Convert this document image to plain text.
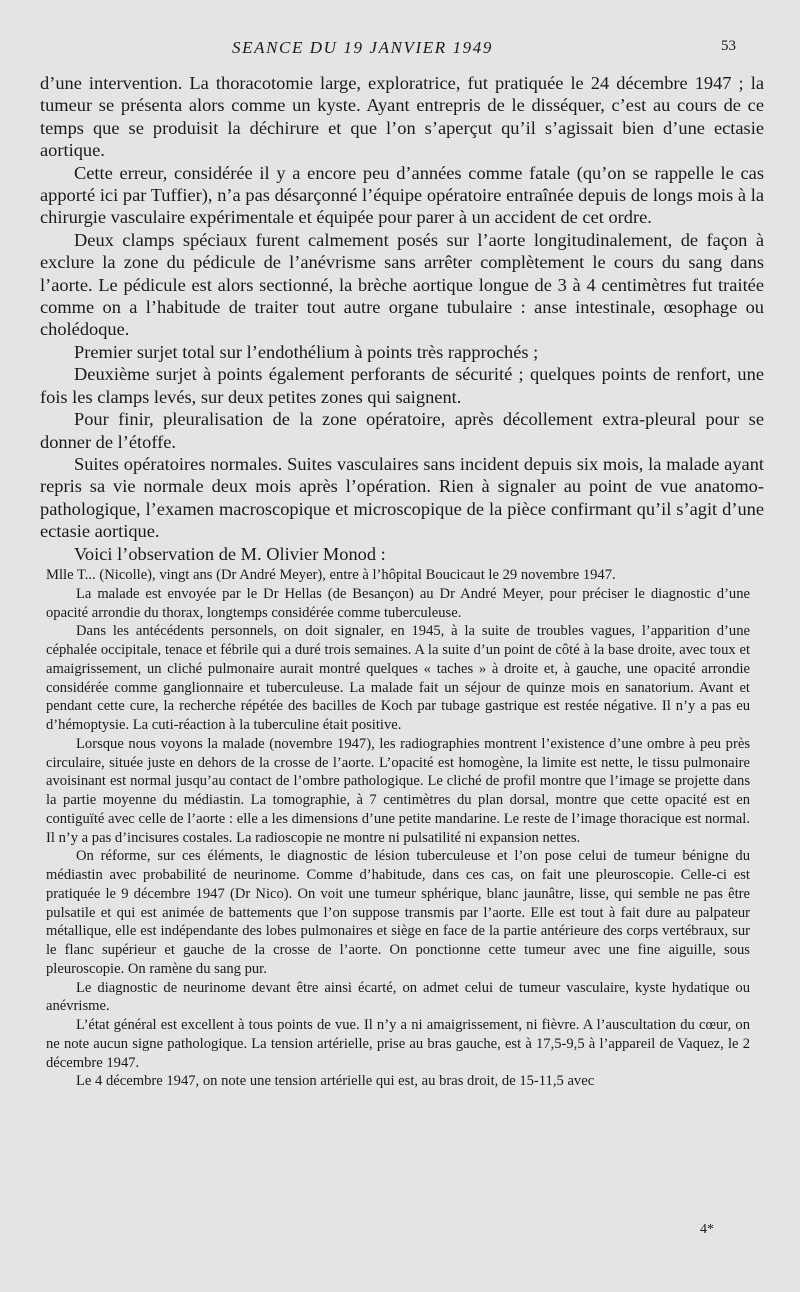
SEANCE DU 19 JANVIER 1949	53

d’une intervention. La thoracotomie large, exploratrice, fut pratiquée le 24 décembre 1947 ; la tumeur se présenta alors comme un kyste. Ayant entrepris de le disséquer, c’est au cours de ce temps que se produisit la déchirure et que l’on s’aperçut qu’il s’agissait bien d’une ectasie aortique.

Cette erreur, considérée il y a encore peu d’années comme fatale (qu’on se rappelle le cas apporté ici par Tuffier), n’a pas désarçonné l’équipe opératoire entraînée depuis de longs mois à la chirurgie vasculaire expérimentale et équipée pour parer à un accident de cet ordre.

Deux clamps spéciaux furent calmement posés sur l’aorte longitudinalement, de façon à exclure la zone du pédicule de l’anévrisme sans arrêter complètement le cours du sang dans l’aorte. Le pédicule est alors sectionné, la brèche aortique longue de 3 à 4 centimètres fut traitée comme on a l’habitude de traiter tout autre organe tubulaire : anse intestinale, œsophage ou cholédoque.

Premier surjet total sur l’endothélium à points très rapprochés ;

Deuxième surjet à points également perforants de sécurité ; quelques points de renfort, une fois les clamps levés, sur deux petites zones qui saignent.

Pour finir, pleuralisation de la zone opératoire, après décollement extra-pleural pour se donner de l’étoffe.

Suites opératoires normales. Suites vasculaires sans incident depuis six mois, la malade ayant repris sa vie normale deux mois après l’opération. Rien à signaler au point de vue anatomo-pathologique, l’examen macroscopique et microscopique de la pièce confirmant qu’il s’agit d’une ectasie aortique.

Voici l’observation de M. Olivier Monod :

Mlle T... (Nicolle), vingt ans (Dr André Meyer), entre à l’hôpital Boucicaut le 29 novembre 1947.

La malade est envoyée par le Dr Hellas (de Besançon) au Dr André Meyer, pour préciser le diagnostic d’une opacité arrondie du thorax, longtemps considérée comme tuberculeuse.

Dans les antécédents personnels, on doit signaler, en 1945, à la suite de troubles vagues, l’apparition d’une céphalée occipitale, tenace et fébrile qui a duré trois semaines. A la suite d’un point de côté à la base droite, avec toux et amaigrissement, un cliché pulmonaire aurait montré quelques « taches » à droite et, à gauche, une opacité arrondie considérée comme ganglionnaire et tuberculeuse. La malade fait un séjour de quinze mois en sanatorium. Avant et pendant cette cure, la recherche répétée des bacilles de Koch par tubage gastrique est restée négative. Il n’y a pas eu d’hémoptysie. La cuti-réaction à la tuberculine était positive.

Lorsque nous voyons la malade (novembre 1947), les radiographies montrent l’existence d’une ombre à peu près circulaire, située juste en dehors de la crosse de l’aorte. L’opacité est homogène, la limite est nette, le tissu pulmonaire avoisinant est normal jusqu’au contact de l’ombre pathologique. Le cliché de profil montre que l’image se projette dans la partie moyenne du médiastin. La tomographie, à 7 centimètres du plan dorsal, montre que cette opacité est en contiguïté avec celle de l’aorte : elle a les dimensions d’une petite mandarine. Le reste de l’image thoracique est normal. Il n’y a pas d’incisures costales. La radioscopie ne montre ni pulsatilité ni expansion nettes.

On réforme, sur ces éléments, le diagnostic de lésion tuberculeuse et l’on pose celui de tumeur bénigne du médiastin avec probabilité de neurinome. Comme d’habitude, dans ces cas, on fait une pleuroscopie. Celle-ci est pratiquée le 9 décembre 1947 (Dr Nico). On voit une tumeur sphérique, blanc jaunâtre, lisse, qui semble ne pas être pulsatile et qui est animée de battements que l’on suppose transmis par l’aorte. Elle est tout à fait dure au palpateur métallique, elle est indépendante des lobes pulmonaires et siège en face de la partie antérieure des corps vertébraux, sur le flanc supérieur et gauche de la crosse de l’aorte. On ponctionne cette tumeur avec une fine aiguille, sous pleuroscopie. On ramène du sang pur.

Le diagnostic de neurinome devant être ainsi écarté, on admet celui de tumeur vasculaire, kyste hydatique ou anévrisme.

L’état général est excellent à tous points de vue. Il n’y a ni amaigrissement, ni fièvre. A l’auscultation du cœur, on ne note aucun signe pathologique. La tension artérielle, prise au bras gauche, est à 17,5-9,5 à l’appareil de Vaquez, le 2 décembre 1947.

Le 4 décembre 1947, on note une tension artérielle qui est, au bras droit, de 15-11,5 avec

4*
